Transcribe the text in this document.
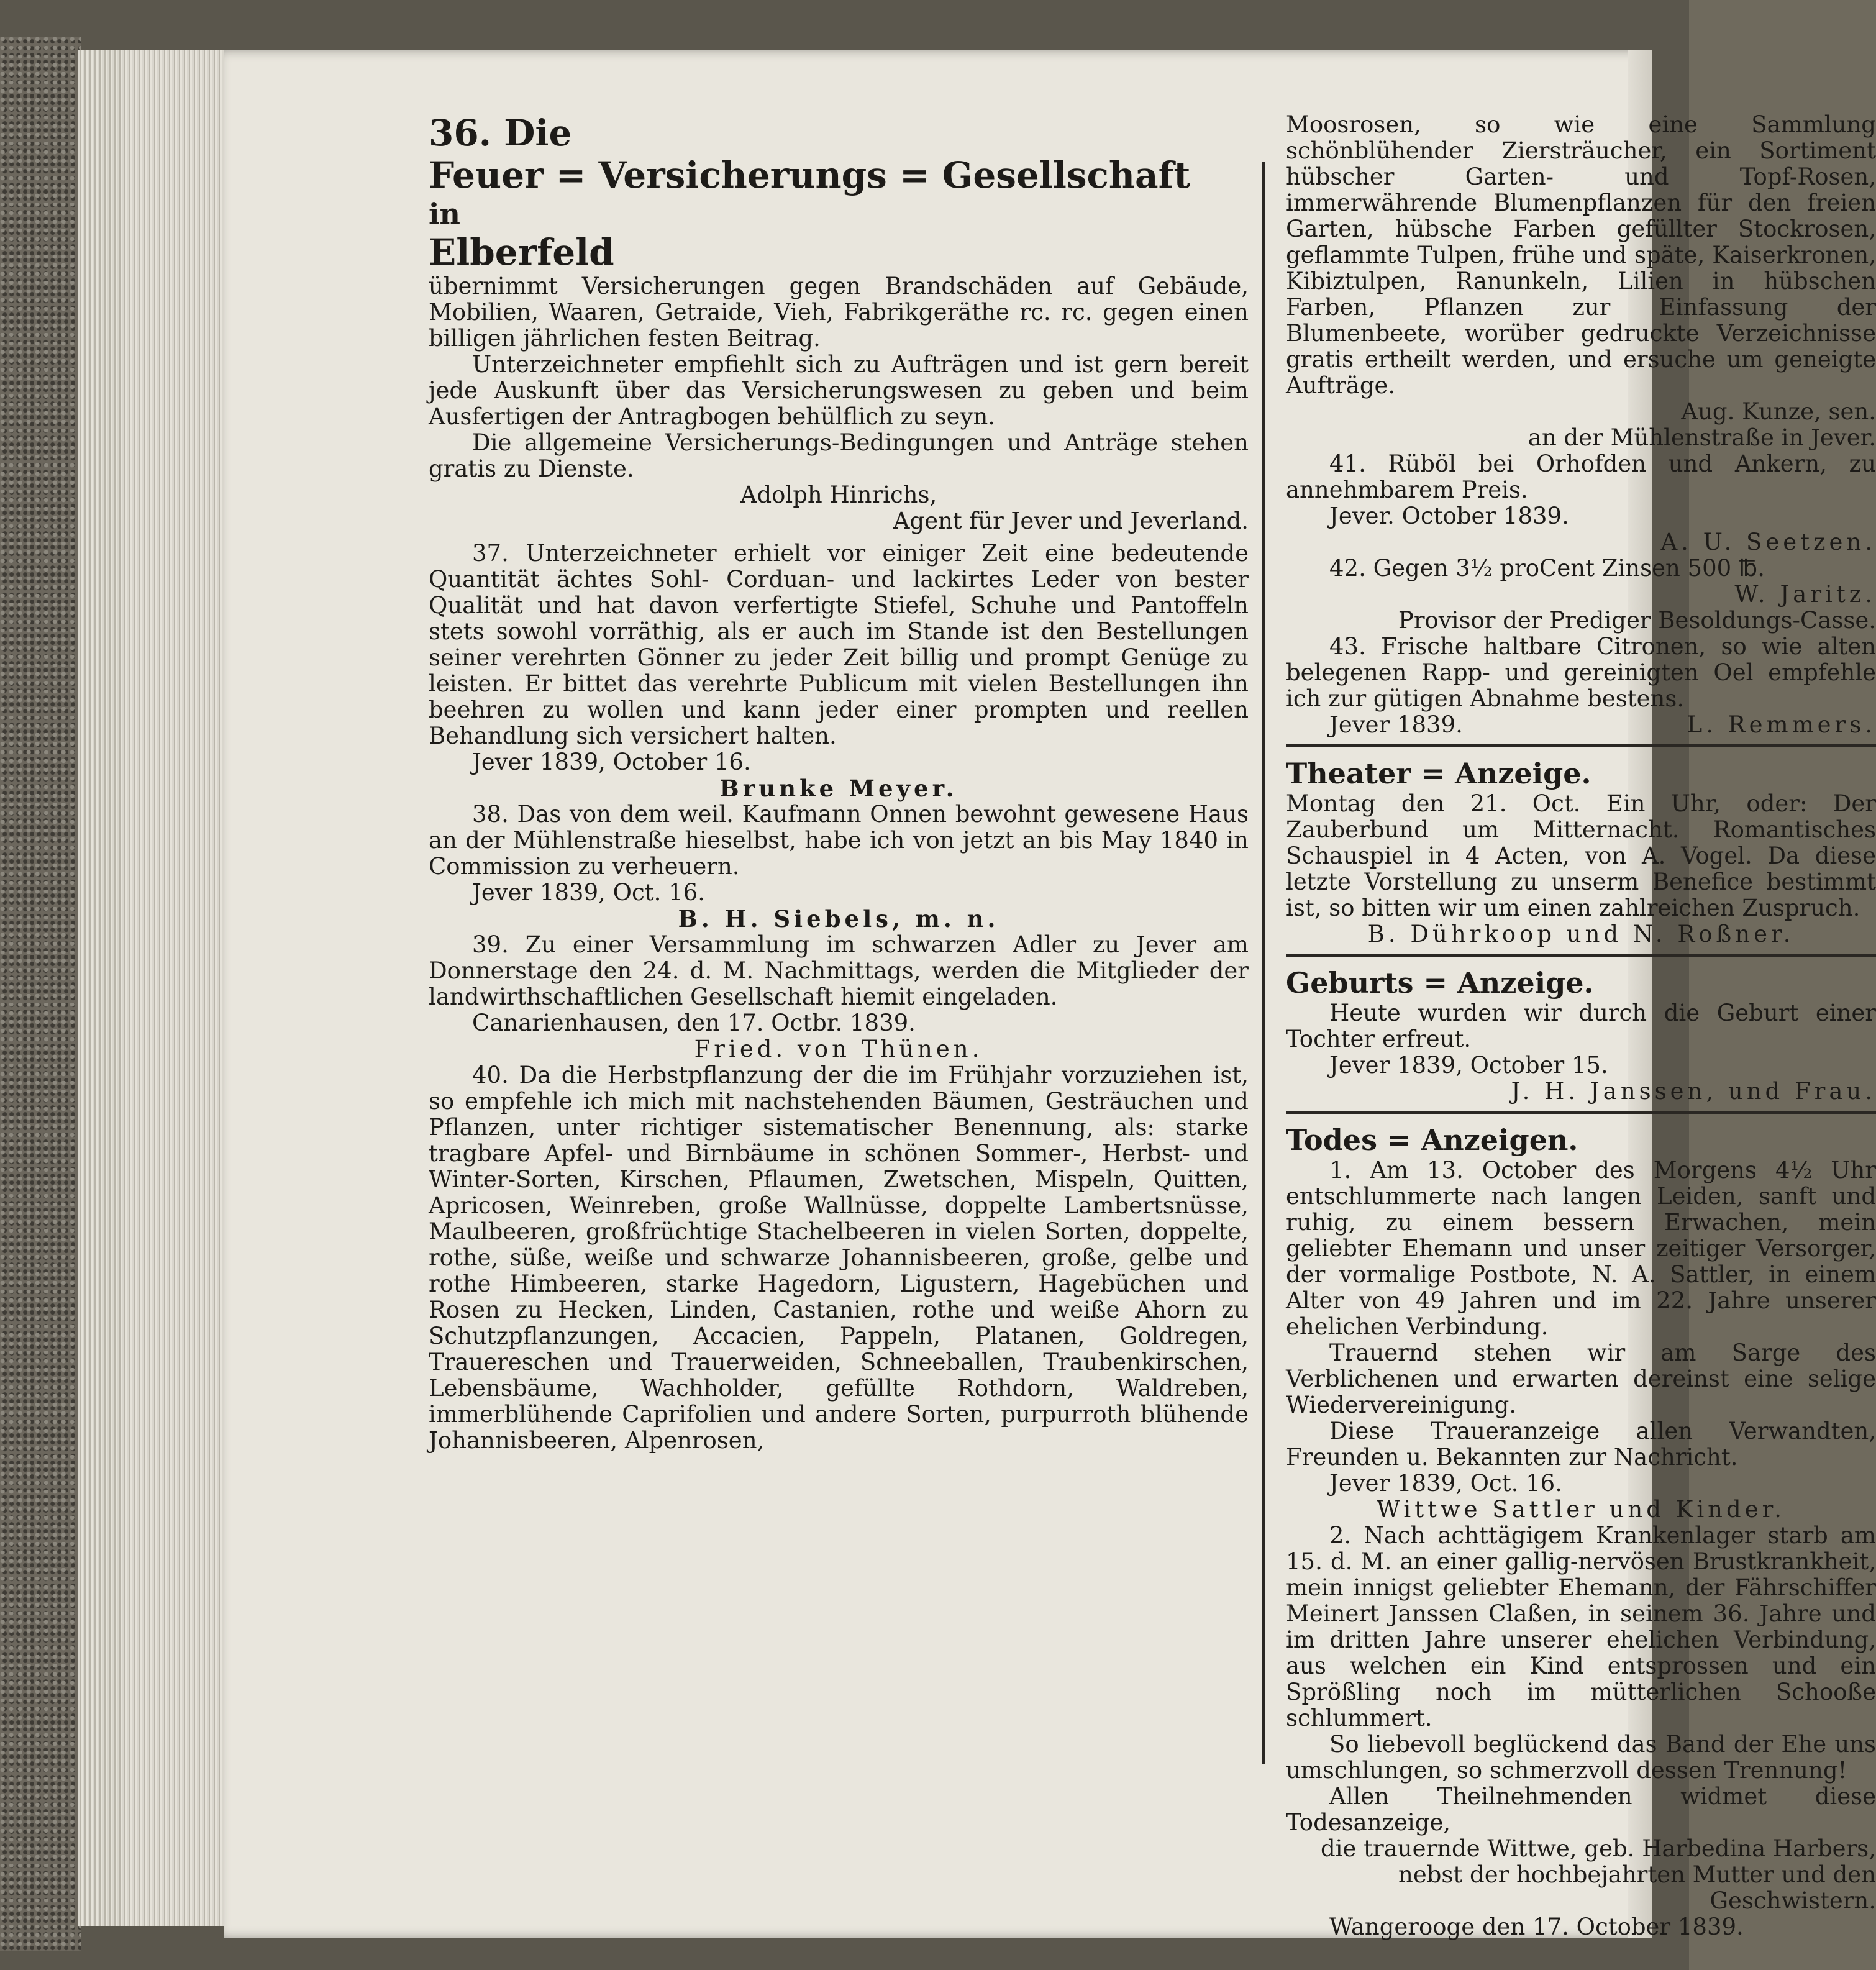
36. Die

Feuer = Versicherungs = Gesellschaft

in

Elberfeld

übernimmt Versicherungen gegen Brandschäden auf Gebäude, Mobilien, Waaren, Getraide, Vieh, Fabrikgeräthe rc. rc. gegen einen billigen jährlichen festen Beitrag.

Unterzeichneter empfiehlt sich zu Aufträgen und ist gern bereit jede Auskunft über das Versicherungswesen zu geben und beim Ausfertigen der Antragbogen behülflich zu seyn.

Die allgemeine Versicherungs-Bedingungen und Anträge stehen gratis zu Dienste.

Adolph Hinrichs,

Agent für Jever und Jeverland.

37. Unterzeichneter erhielt vor einiger Zeit eine bedeutende Quantität ächtes Sohl- Corduan- und lackirtes Leder von bester Qualität und hat davon verfertigte Stiefel, Schuhe und Pantoffeln stets sowohl vorräthig, als er auch im Stande ist den Bestellungen seiner verehrten Gönner zu jeder Zeit billig und prompt Genüge zu leisten. Er bittet das verehrte Publicum mit vielen Bestellungen ihn beehren zu wollen und kann jeder einer prompten und reellen Behandlung sich versichert halten.

Jever 1839, October 16.

Brunke Meyer.

38. Das von dem weil. Kaufmann Onnen bewohnt gewesene Haus an der Mühlenstraße hieselbst, habe ich von jetzt an bis May 1840 in Commission zu verheuern.

Jever 1839, Oct. 16.

B. H. Siebels, m. n.

39. Zu einer Versammlung im schwarzen Adler zu Jever am Donnerstage den 24. d. M. Nachmittags, werden die Mitglieder der landwirthschaftlichen Gesellschaft hiemit eingeladen.

Canarienhausen, den 17. Octbr. 1839.

Fried. von Thünen.

40. Da die Herbstpflanzung der die im Frühjahr vorzuziehen ist, so empfehle ich mich mit nachstehenden Bäumen, Gesträuchen und Pflanzen, unter richtiger sistematischer Benennung, als: starke tragbare Apfel- und Birnbäume in schönen Sommer-, Herbst- und Winter-Sorten, Kirschen, Pflaumen, Zwetschen, Mispeln, Quitten, Apricosen, Weinreben, große Wallnüsse, doppelte Lambertsnüsse, Maulbeeren, großfrüchtige Stachelbeeren in vielen Sorten, doppelte, rothe, süße, weiße und schwarze Johannisbeeren, große, gelbe und rothe Himbeeren, starke Hagedorn, Ligustern, Hagebüchen und Rosen zu Hecken, Linden, Castanien, rothe und weiße Ahorn zu Schutzpflanzungen, Accacien, Pappeln, Platanen, Goldregen, Trauereschen und Trauerweiden, Schneeballen, Traubenkirschen, Lebensbäume, Wachholder, gefüllte Rothdorn, Waldreben, immerblühende Caprifolien und andere Sorten, purpurroth blühende Johannisbeeren, Alpenrosen,

Moosrosen, so wie eine Sammlung schönblühender Ziersträucher, ein Sortiment hübscher Garten- und Topf-Rosen, immerwährende Blumenpflanzen für den freien Garten, hübsche Farben gefüllter Stockrosen, geflammte Tulpen, frühe und späte, Kaiserkronen, Kibiztulpen, Ranunkeln, Lilien in hübschen Farben, Pflanzen zur Einfassung der Blumenbeete, worüber gedruckte Verzeichnisse gratis ertheilt werden, und ersuche um geneigte Aufträge.

Aug. Kunze, sen.

an der Mühlenstraße in Jever.

41. Rüböl bei Orhofden und Ankern, zu annehmbarem Preis.

Jever. October 1839.

A. U. Seetzen.

42. Gegen 3½ proCent Zinsen 500 ℔.

W. Jaritz.

Provisor der Prediger Besoldungs-Casse.

43. Frische haltbare Citronen, so wie alten belegenen Rapp- und gereinigten Oel empfehle ich zur gütigen Abnahme bestens.

Jever 1839.	L. Remmers.

Theater = Anzeige.

Montag den 21. Oct. Ein Uhr, oder: Der Zauberbund um Mitternacht. Romantisches Schauspiel in 4 Acten, von A. Vogel. Da diese letzte Vorstellung zu unserm Benefice bestimmt ist, so bitten wir um einen zahlreichen Zuspruch.

B. Dührkoop und N. Roßner.

Geburts = Anzeige.

Heute wurden wir durch die Geburt einer Tochter erfreut.

Jever 1839, October 15.

J. H. Janssen, und Frau.

Todes = Anzeigen.

1. Am 13. October des Morgens 4½ Uhr entschlummerte nach langen Leiden, sanft und ruhig, zu einem bessern Erwachen, mein geliebter Ehemann und unser zeitiger Versorger, der vormalige Postbote, N. A. Sattler, in einem Alter von 49 Jahren und im 22. Jahre unserer ehelichen Verbindung.

Trauernd stehen wir am Sarge des Verblichenen und erwarten dereinst eine selige Wiedervereinigung.

Diese Traueranzeige allen Verwandten, Freunden u. Bekannten zur Nachricht.

Jever 1839, Oct. 16.

Wittwe Sattler und Kinder.

2. Nach achttägigem Krankenlager starb am 15. d. M. an einer gallig-nervösen Brustkrankheit, mein innigst geliebter Ehemann, der Fährschiffer Meinert Janssen Claßen, in seinem 36. Jahre und im dritten Jahre unserer ehelichen Verbindung, aus welchen ein Kind entsprossen und ein Sprößling noch im mütterlichen Schooße schlummert.

So liebevoll beglückend das Band der Ehe uns umschlungen, so schmerzvoll dessen Trennung!

Allen Theilnehmenden widmet diese Todesanzeige,

die trauernde Wittwe, geb. Harbedina Harbers,

nebst der hochbejahrten Mutter und den Geschwistern.

Wangerooge den 17. October 1839.
